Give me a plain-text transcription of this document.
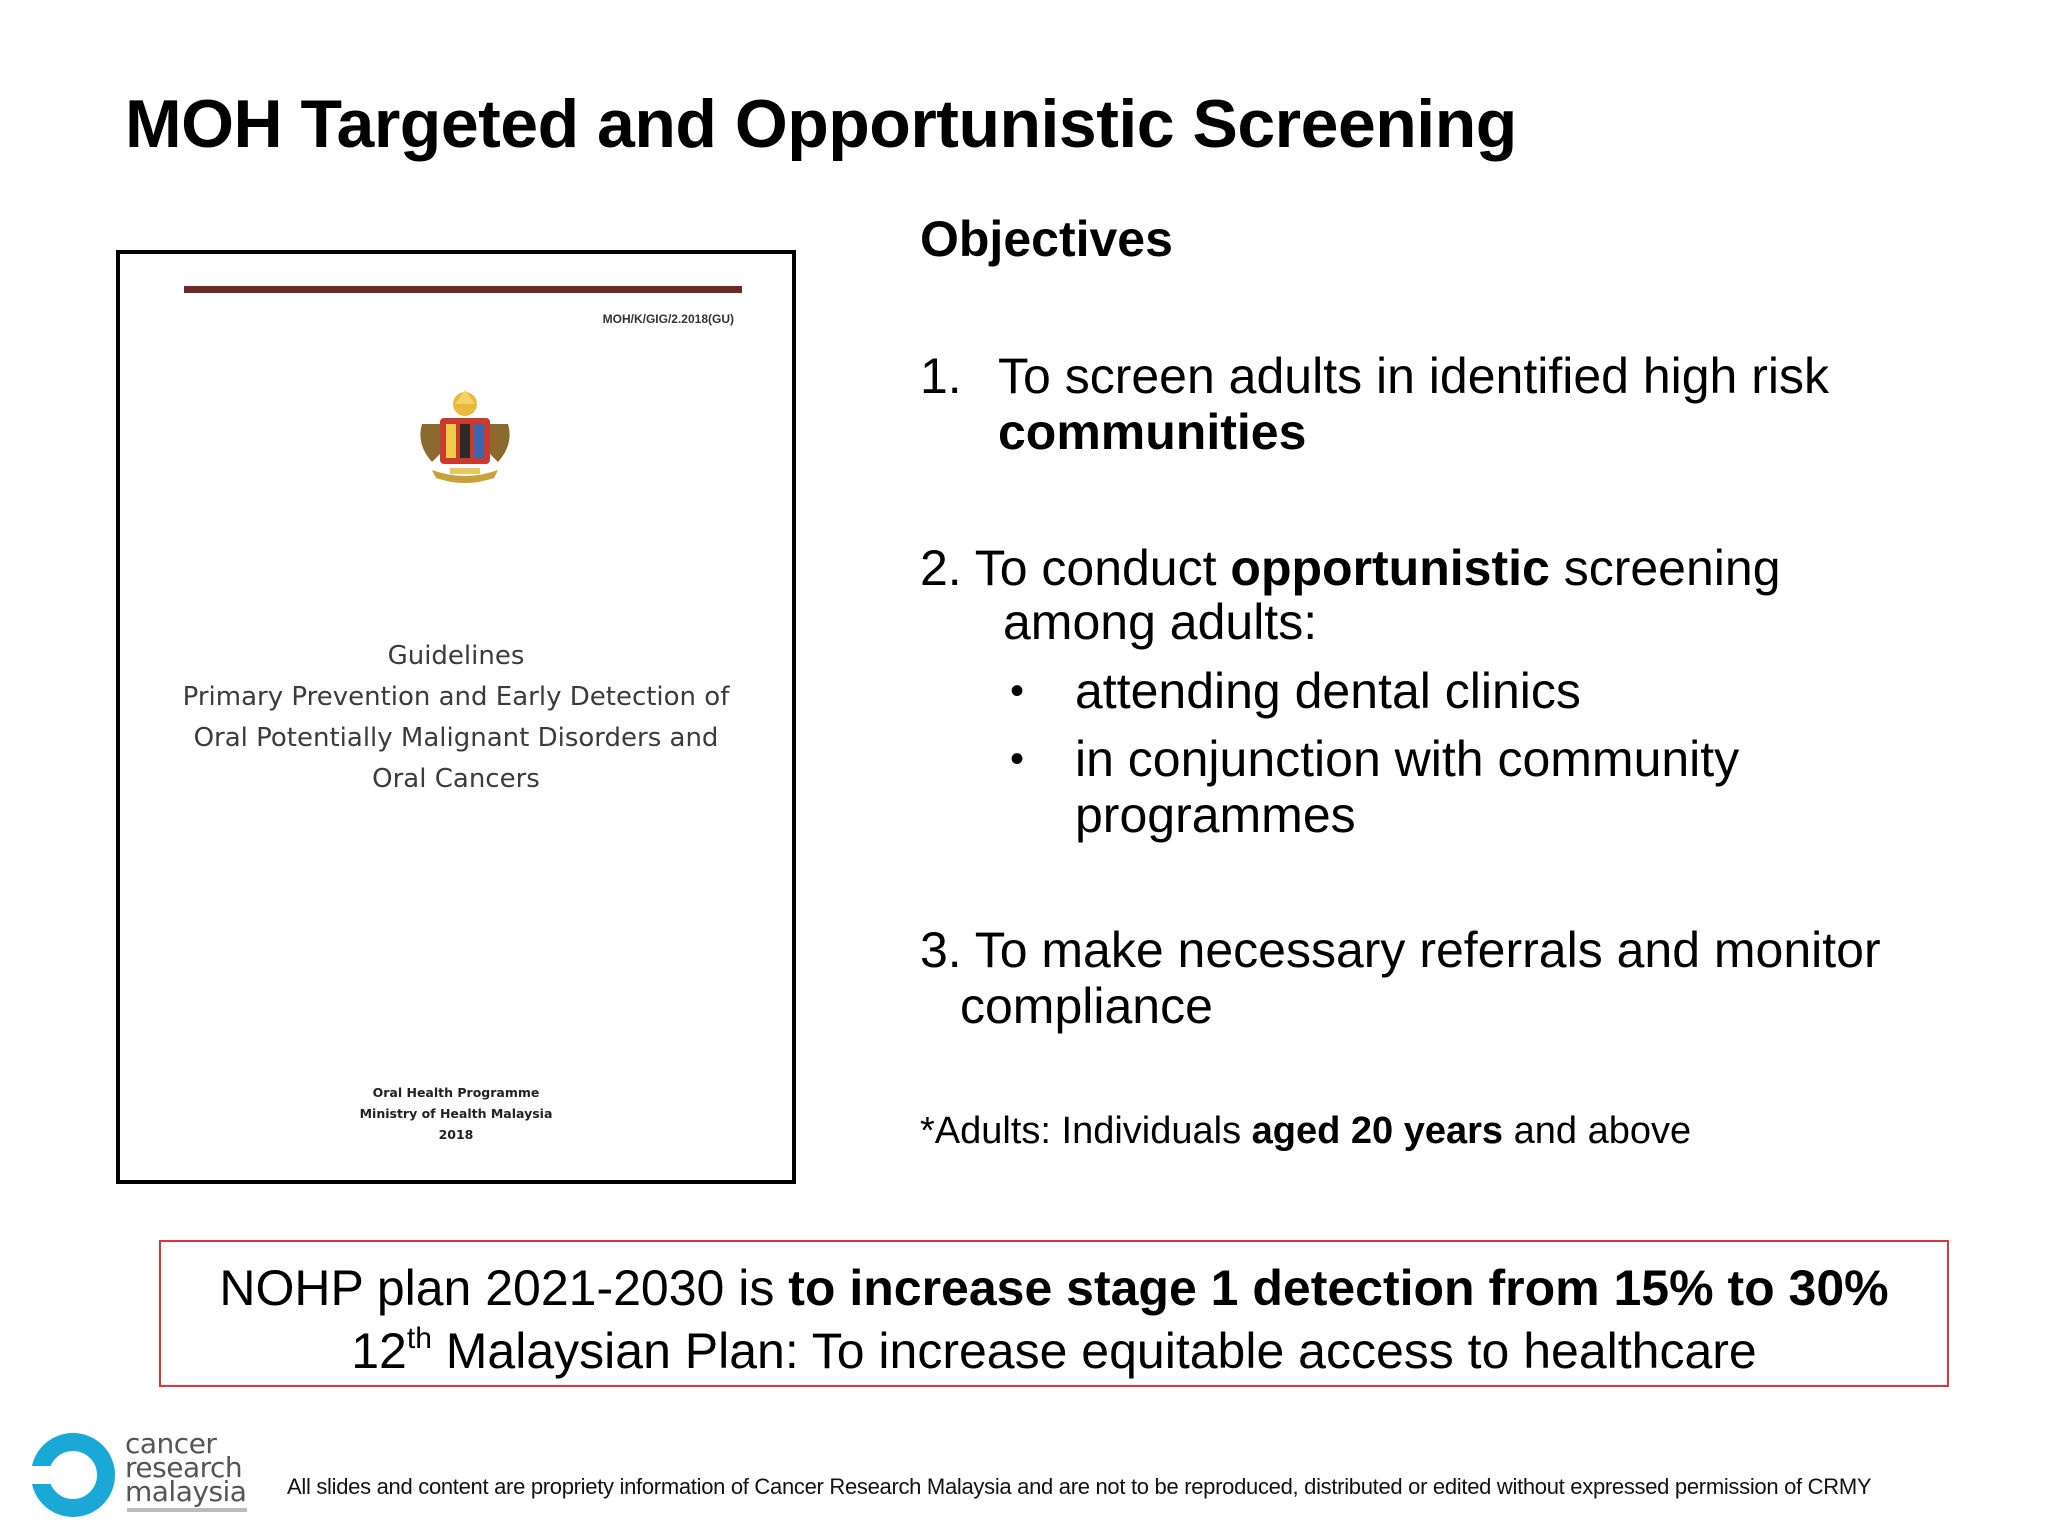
MOH Targeted and Opportunistic Screening
MOH/K/GIG/2.2018(GU)
Guidelines
Primary Prevention and Early Detection of
Oral Potentially Malignant Disorders and
Oral Cancers
Oral Health Programme
Ministry of Health Malaysia
2018
Objectives
1. To screen adults in identified high risk
communities
2. To conduct opportunistic screening
among adults:
• attending dental clinics
• in conjunction with community
programmes
3. To make necessary referrals and monitor
compliance
*Adults: Individuals aged 20 years and above
NOHP plan 2021-2030 is to increase stage 1 detection from 15% to 30%
12th Malaysian Plan: To increase equitable access to healthcare
cancer
research
malaysia All slides and content are propriety information of Cancer Research Malaysia and are not to be reproduced, distributed or edited without expressed permission of CRMY
